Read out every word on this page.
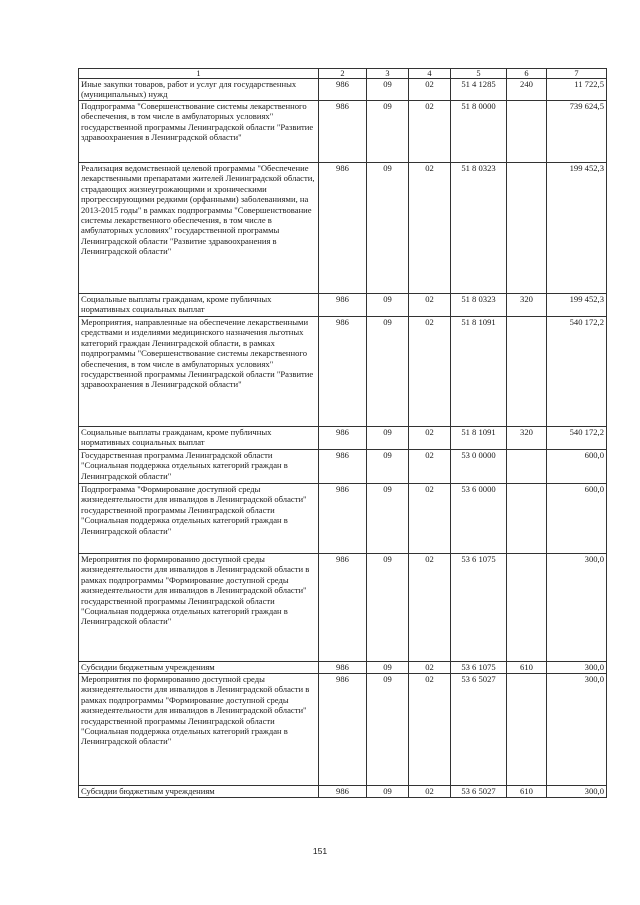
1	2	3	4	5	6	7
Иные закупки товаров, работ и услуг для государственных (муниципальных) нужд	986	09	02	51 4 1285	240	11 722,5
Подпрограмма "Совершенствование системы лекарственного обеспечения, в том числе в амбулаторных условиях" государственной программы Ленинградской области "Развитие здравоохранения в Ленинградской области"	986	09	02	51 8 0000		739 624,5
Реализация ведомственной целевой программы "Обеспечение лекарственными препаратами жителей Ленинградской области, страдающих жизнеугрожающими и хроническими прогрессирующими редкими (орфанными) заболеваниями, на 2013-2015 годы" в рамках подпрограммы "Совершенствование системы лекарственного обеспечения, в том числе в амбулаторных условиях" государственной программы Ленинградской области "Развитие здравоохранения в Ленинградской области"	986	09	02	51 8 0323		199 452,3
Социальные выплаты гражданам, кроме публичных нормативных социальных выплат	986	09	02	51 8 0323	320	199 452,3
Мероприятия, направленные на обеспечение лекарственными средствами и изделиями медицинского назначения льготных категорий граждан Ленинградской области, в рамках подпрограммы "Совершенствование системы лекарственного обеспечения, в том числе в амбулаторных условиях" государственной программы Ленинградской области "Развитие здравоохранения в Ленинградской области"	986	09	02	51 8 1091		540 172,2
Социальные выплаты гражданам, кроме публичных нормативных социальных выплат	986	09	02	51 8 1091	320	540 172,2
Государственная программа Ленинградской области "Социальная поддержка отдельных категорий граждан в Ленинградской области"	986	09	02	53 0 0000		600,0
Подпрограмма "Формирование доступной среды жизнедеятельности для инвалидов в Ленинградской области" государственной программы Ленинградской области "Социальная поддержка отдельных категорий граждан в Ленинградской области"	986	09	02	53 6 0000		600,0
Мероприятия по формированию доступной среды жизнедеятельности для инвалидов в Ленинградской области в рамках подпрограммы "Формирование доступной среды жизнедеятельности для инвалидов в Ленинградской области" государственной программы Ленинградской области "Социальная поддержка отдельных категорий граждан в Ленинградской области"	986	09	02	53 6 1075		300,0
Субсидии бюджетным учреждениям	986	09	02	53 6 1075	610	300,0
Мероприятия по формированию доступной среды жизнедеятельности для инвалидов в Ленинградской области в рамках подпрограммы "Формирование доступной среды жизнедеятельности для инвалидов в Ленинградской области" государственной программы Ленинградской области "Социальная поддержка отдельных категорий граждан в Ленинградской области"	986	09	02	53 6 5027		300,0
Субсидии бюджетным учреждениям	986	09	02	53 6 5027	610	300,0
151
